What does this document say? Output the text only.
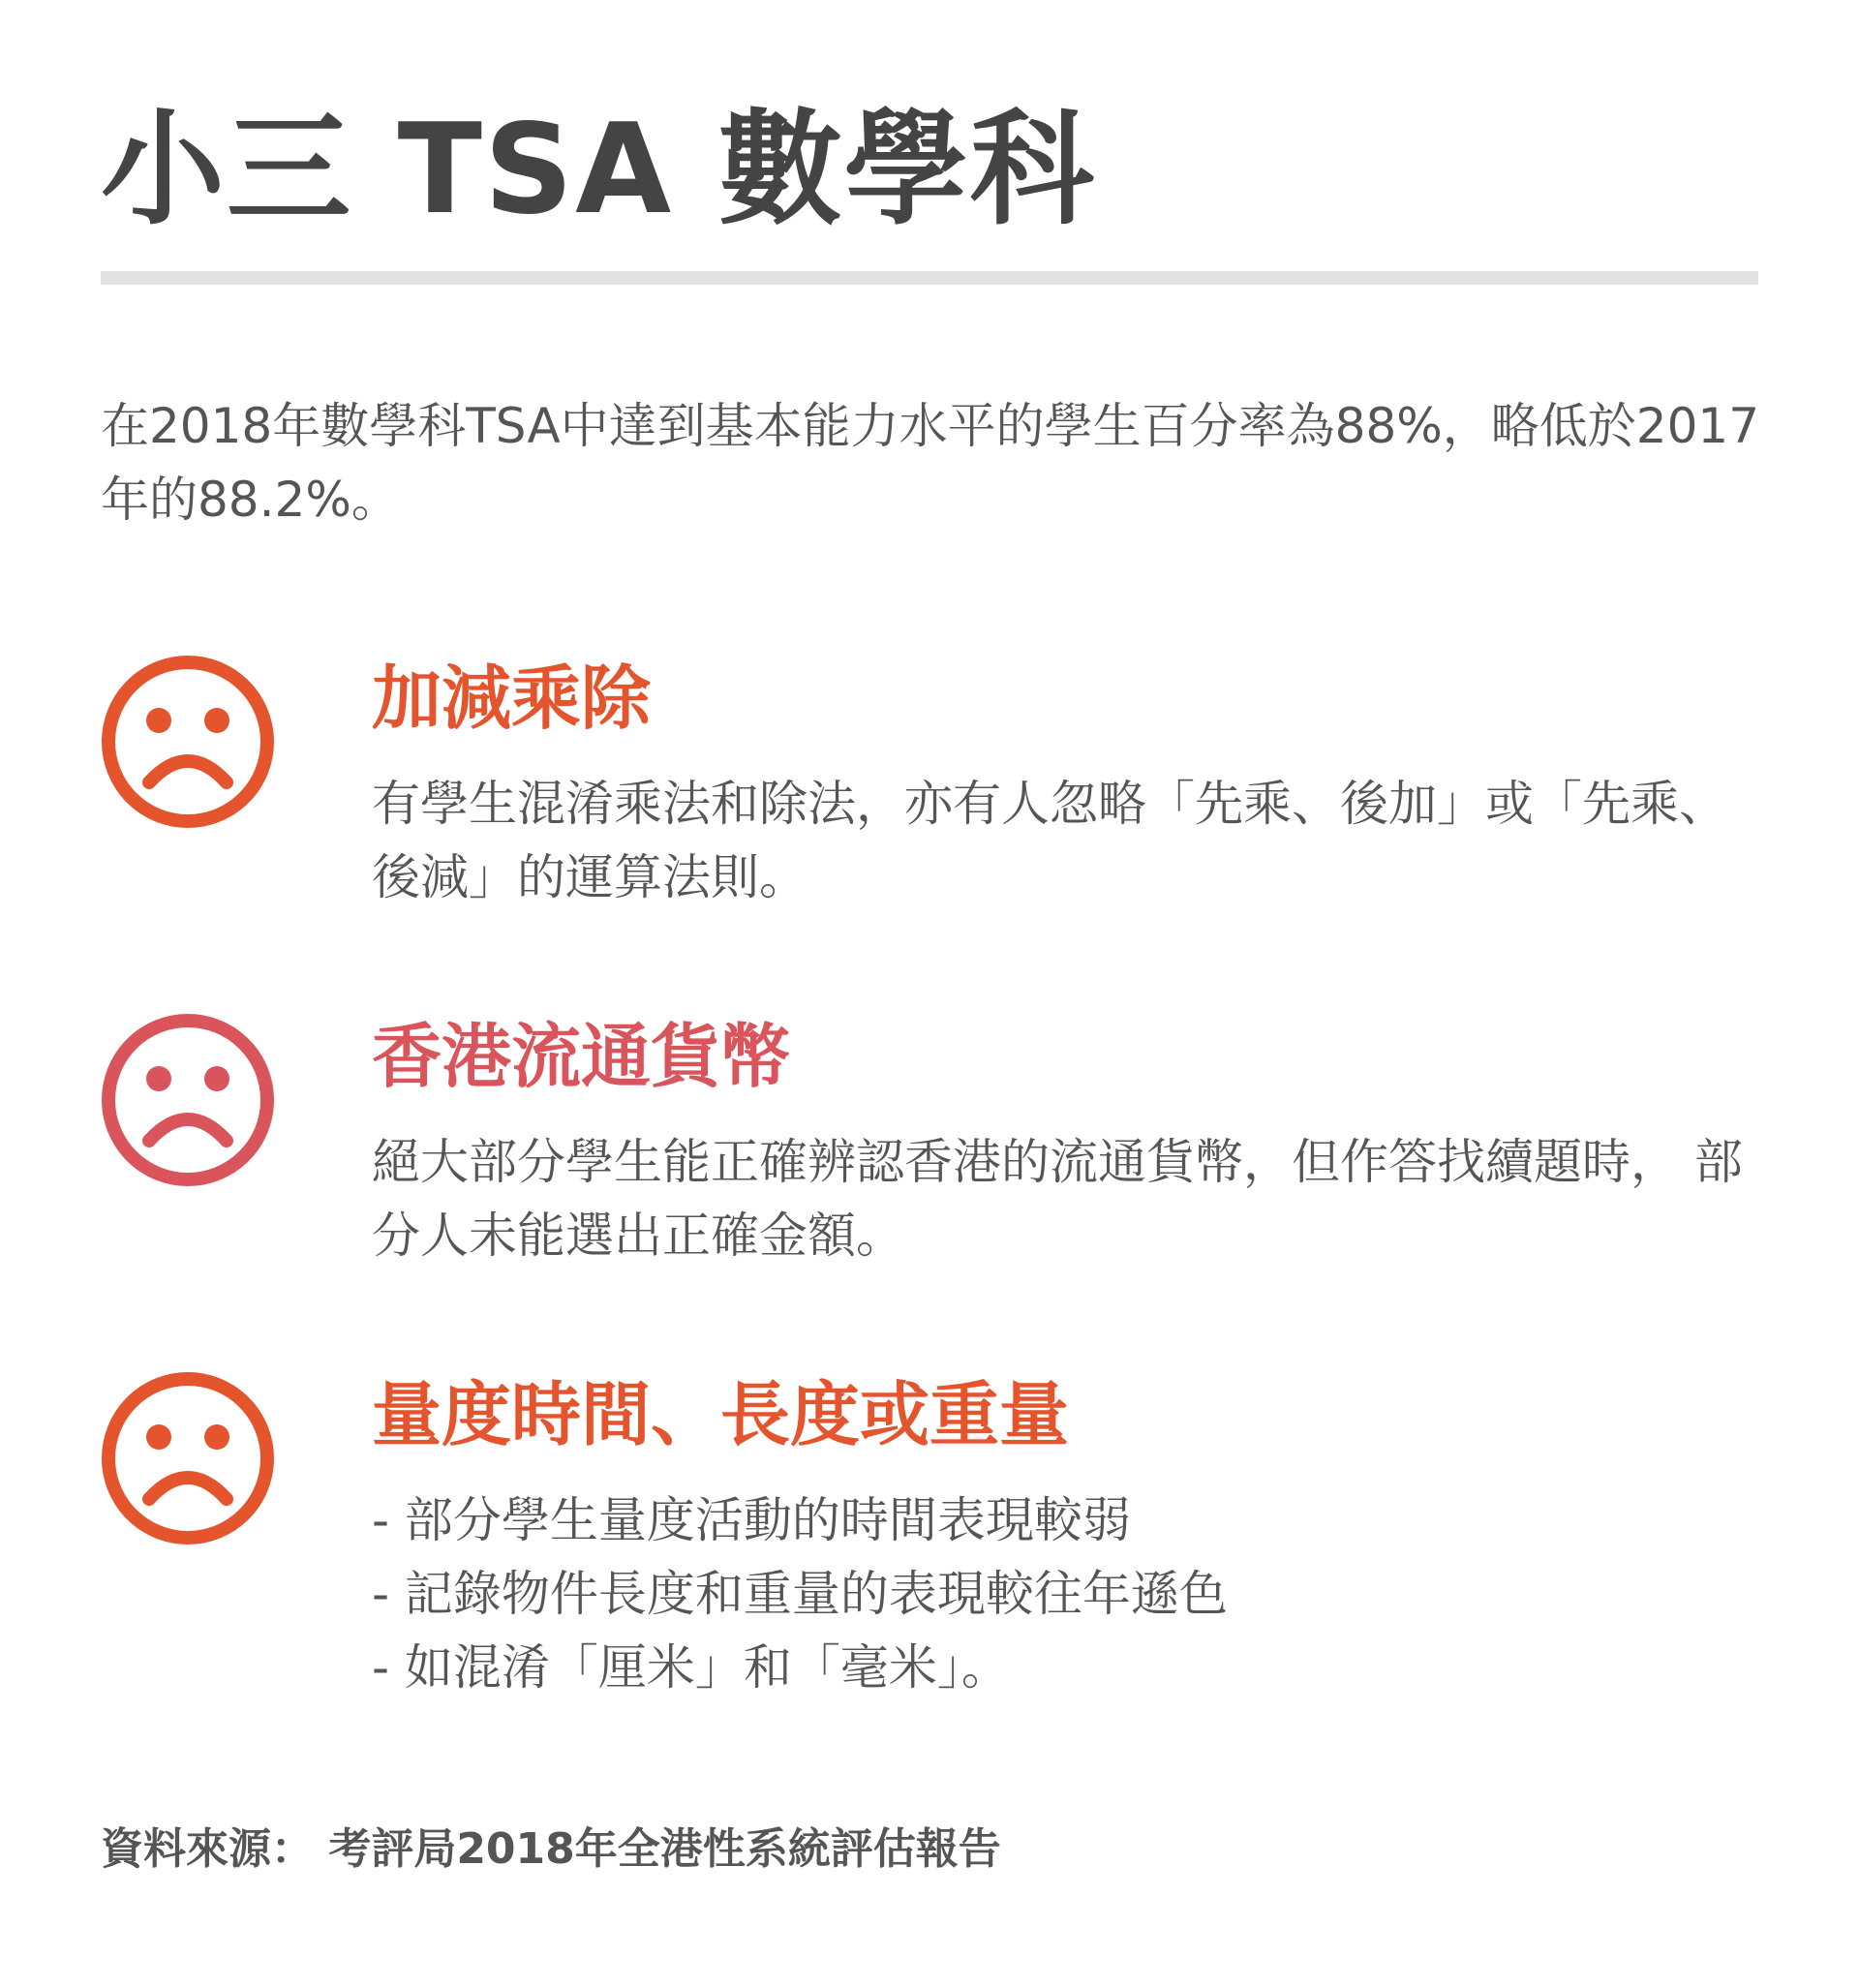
小三 TSA 數學科

在2018年數學科TSA中達到基本能力水平的學生百分率為88%，略低於2017年的88.2%。

加減乘除

有學生混淆乘法和除法，亦有人忽略「先乘、後加」或「先乘、後減」的運算法則。

香港流通貨幣

絕大部分學生能正確辨認香港的流通貨幣，但作答找續題時， 部分人未能選出正確金額。

量度時間、長度或重量
- 部分學生量度活動的時間表現較弱
- 記錄物件長度和重量的表現較往年遜色
- 如混淆「厘米」和「毫米」。

資料來源： 考評局2018年全港性系統評估報告
